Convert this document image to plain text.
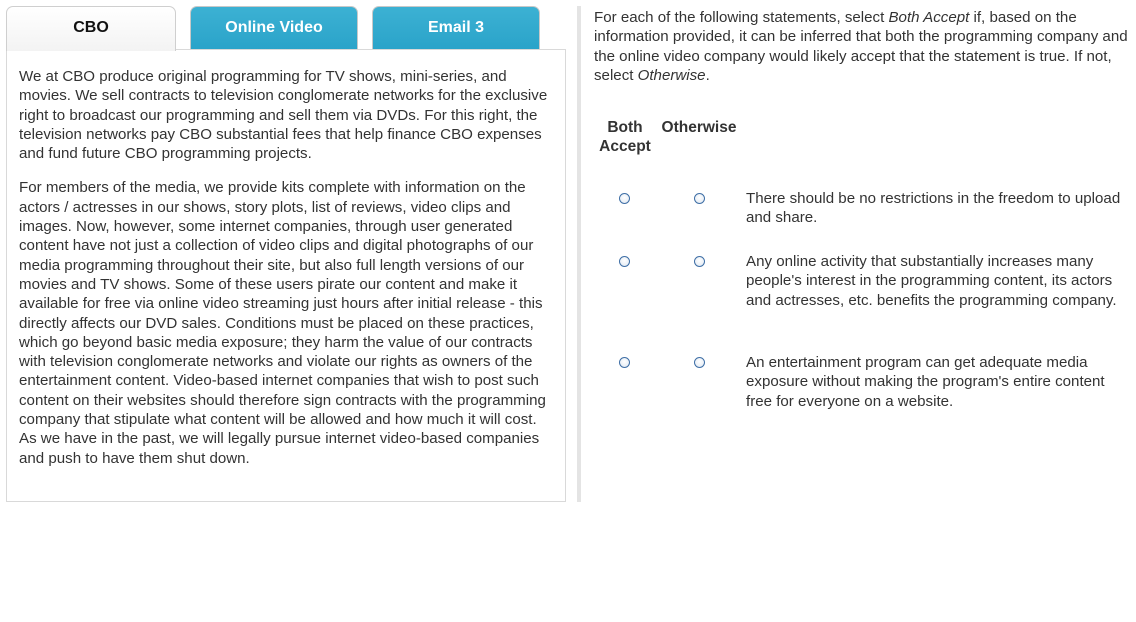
CBO	Online Video	Email 3

We at CBO produce original programming for TV shows, mini-series, and movies. We sell contracts to television conglomerate networks for the exclusive right to broadcast our programming and sell them via DVDs. For this right, the television networks pay CBO substantial fees that help finance CBO expenses and fund future CBO programming projects.

For members of the media, we provide kits complete with information on the actors / actresses in our shows, story plots, list of reviews, video clips and images. Now, however, some internet companies, through user generated content have not just a collection of video clips and digital photographs of our media programming throughout their site, but also full length versions of our movies and TV shows. Some of these users pirate our content and make it available for free via online video streaming just hours after initial release - this directly affects our DVD sales. Conditions must be placed on these practices, which go beyond basic media exposure; they harm the value of our contracts with television conglomerate networks and violate our rights as owners of the entertainment content. Video-based internet companies that wish to post such content on their websites should therefore sign contracts with the programming company that stipulate what content will be allowed and how much it will cost. As we have in the past, we will legally pursue internet video-based companies and push to have them shut down.

For each of the following statements, select Both Accept if, based on the information provided, it can be inferred that both the programming company and the online video company would likely accept that the statement is true. If not, select Otherwise.

Both
Accept
Otherwise
There should be no restrictions in the freedom to upload and share.
Any online activity that substantially increases many people's interest in the programming content, its actors and actresses, etc. benefits the programming company.
An entertainment program can get adequate media exposure without making the program's entire content free for everyone on a website.
